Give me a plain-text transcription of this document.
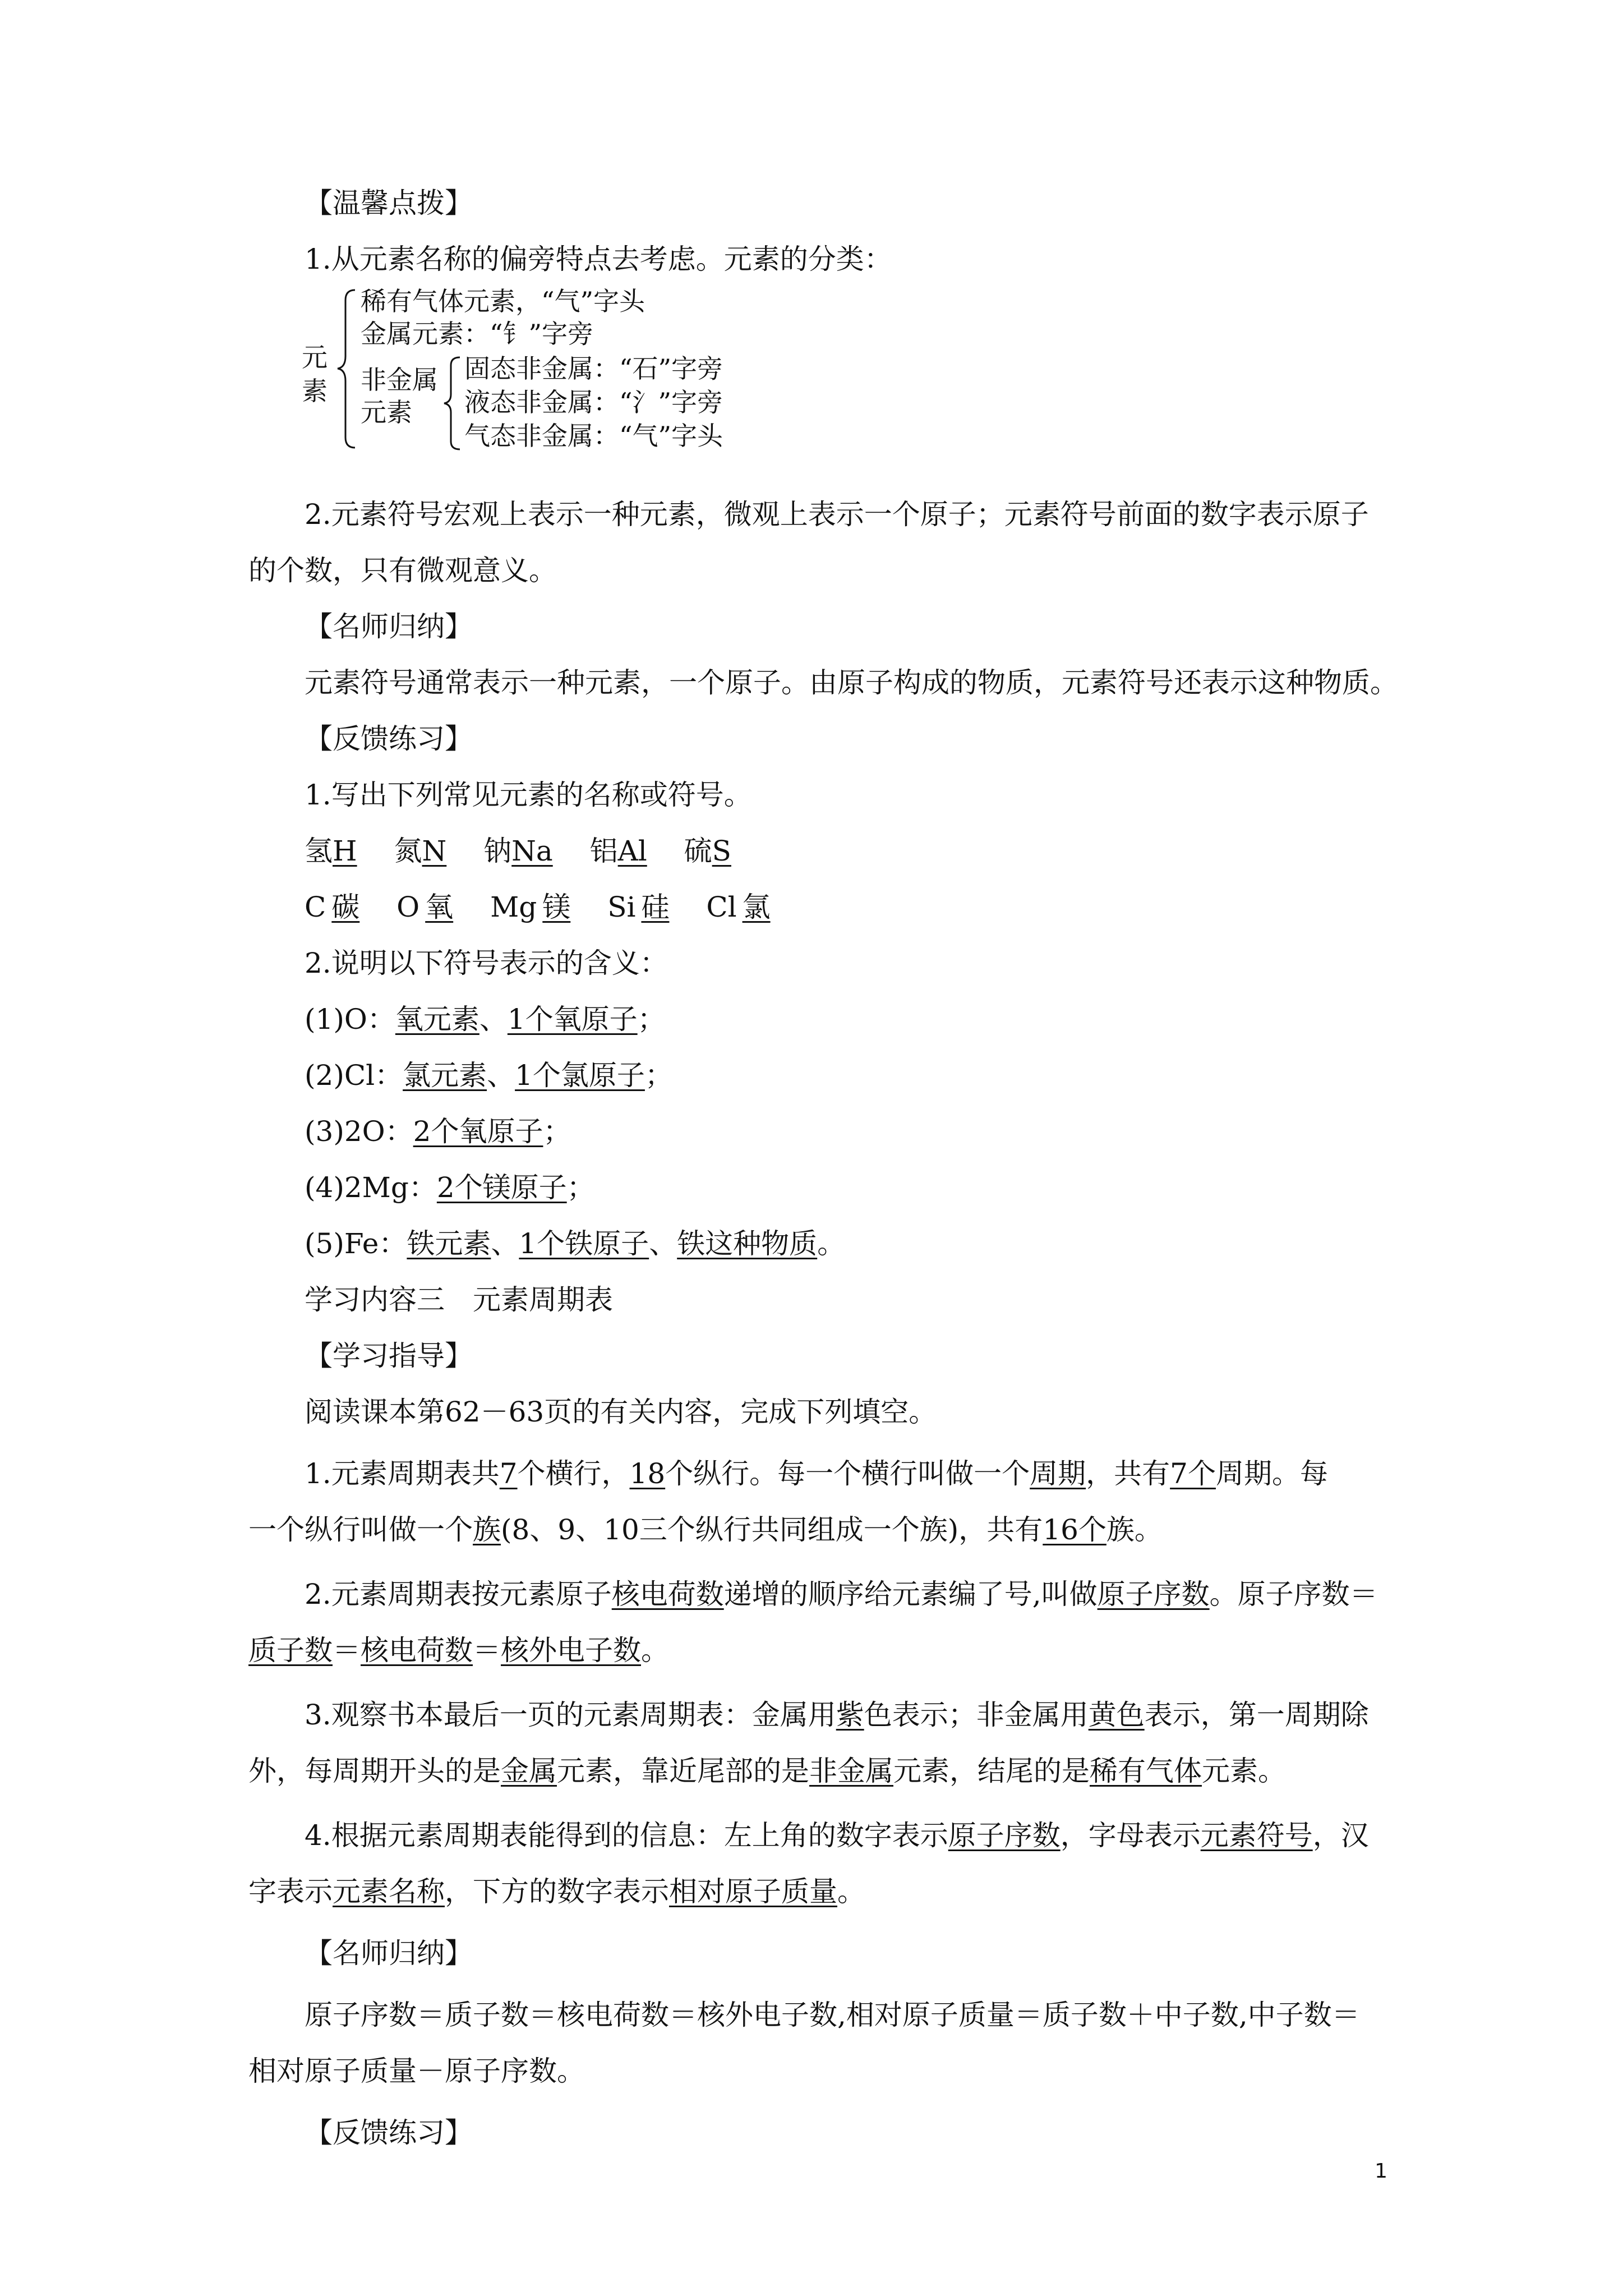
【温馨点拨】
1.从元素名称的偏旁特点去考虑。元素的分类：
元
素
稀有气体元素，“气”字头
金属元素：“钅”字旁
非金属
元素
固态非金属：“石”字旁
液态非金属：“氵”字旁
气态非金属：“气”字头
2.元素符号宏观上表示一种元素，微观上表示一个原子；元素符号前面的数字表示原子
的个数，只有微观意义。
【名师归纳】
元素符号通常表示一种元素，一个原子。由原子构成的物质，元素符号还表示这种物质。
【反馈练习】
1.写出下列常见元素的名称或符号。
氢H  氮N  钠Na  铝Al  硫S
C  碳  O  氧  Mg  镁  Si  硅  Cl  氯
2.说明以下符号表示的含义：
(1)O：氧元素、1个氧原子；
(2)Cl：氯元素、1个氯原子；
(3)2O：2个氧原子；
(4)2Mg：2个镁原子；
(5)Fe：铁元素、1个铁原子、铁这种物质。
学习内容三　元素周期表
【学习指导】
阅读课本第62－63页的有关内容，完成下列填空。
1.元素周期表共7个横行，18个纵行。每一个横行叫做一个周期，共有7个周期。每
一个纵行叫做一个族(8、9、10三个纵行共同组成一个族)，共有16个族。
2.元素周期表按元素原子核电荷数递增的顺序给元素编了号,叫做原子序数。原子序数＝
质子数＝核电荷数＝核外电子数。
3.观察书本最后一页的元素周期表：金属用紫色表示；非金属用黄色表示，第一周期除
外，每周期开头的是金属元素，靠近尾部的是非金属元素，结尾的是稀有气体元素。
4.根据元素周期表能得到的信息：左上角的数字表示原子序数，字母表示元素符号，汉
字表示元素名称，下方的数字表示相对原子质量。
【名师归纳】
原子序数＝质子数＝核电荷数＝核外电子数,相对原子质量＝质子数＋中子数,中子数＝
相对原子质量－原子序数。
【反馈练习】
1
